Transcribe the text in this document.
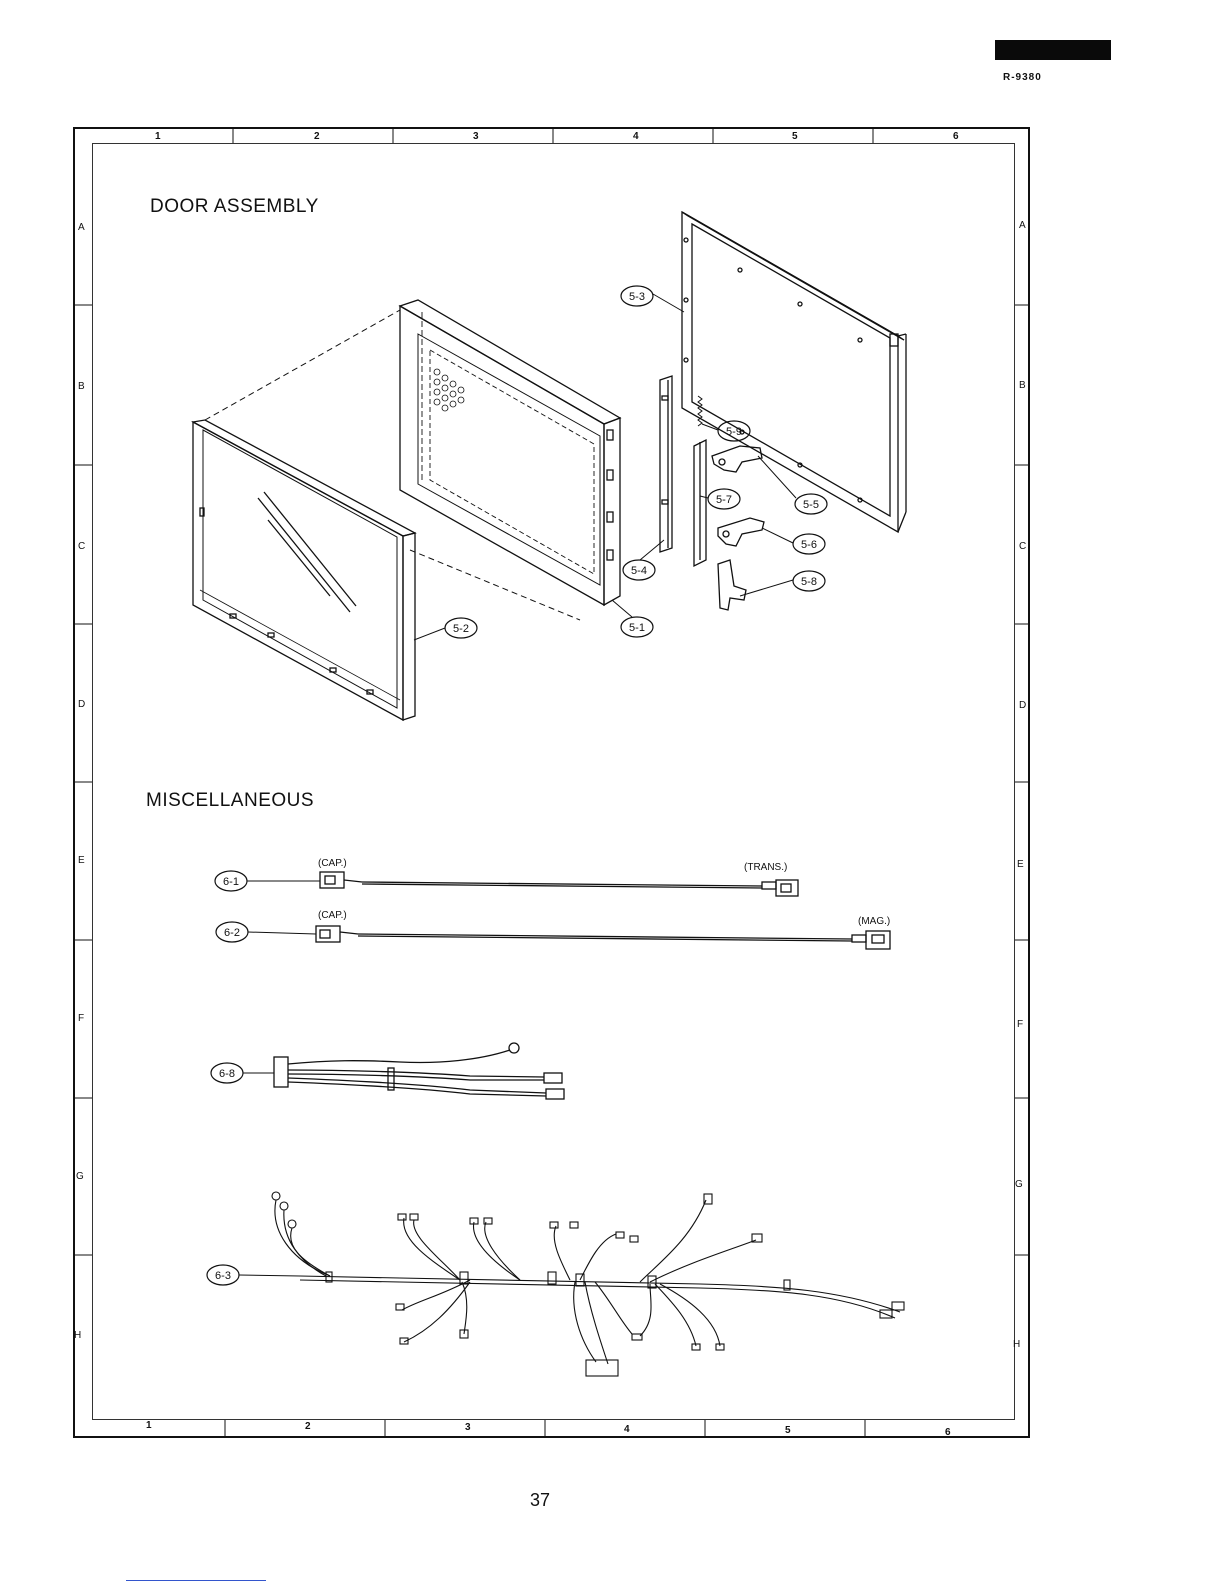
R-9380
1	2	3	4	5	6
1	2	3	4	5	6
A
B
C
D
E
F
G
H
A
B
C
D
E
F
G
H
DOOR ASSEMBLY
MISCELLANEOUS
5-3
5-9
5-5
5-7
5-6
5-4
5-8
5-1
5-2
6-1
6-2
6-8
6-3
(CAP.)	(TRANS.)
(CAP.)
(MAG.)
37
